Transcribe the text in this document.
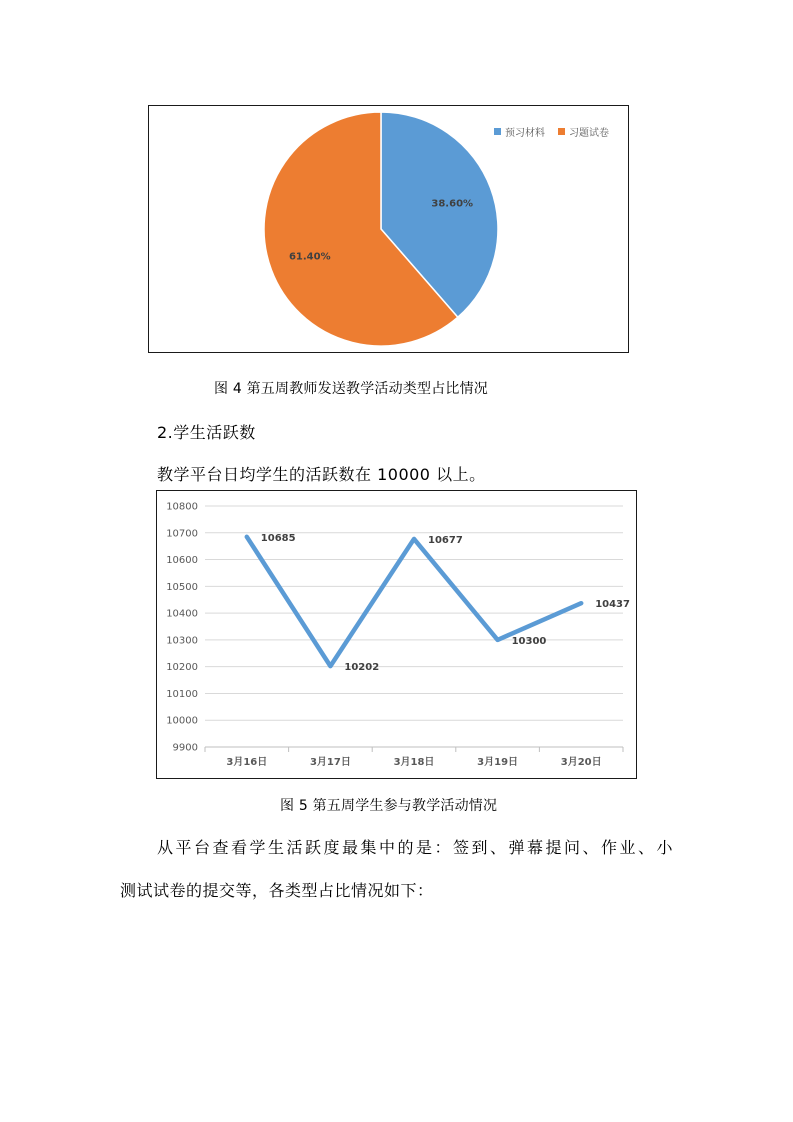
38.60%
61.40%
预习材料 习题试卷
图 4 第五周教师发送教学活动类型占比情况
2.学生活跃数
教学平台日均学生的活跃数在 10000 以上。
9900
10000
10100
10200
10300
10400
10500
10600
10700
10800
3月16日	3月17日	3月18日	3月19日	3月20日
10685
10202
10677
10300
10437
图 5 第五周学生参与教学活动情况
从平台查看学生活跃度最集中的是：签到、弹幕提问、作业、小
测试试卷的提交等，各类型占比情况如下：
